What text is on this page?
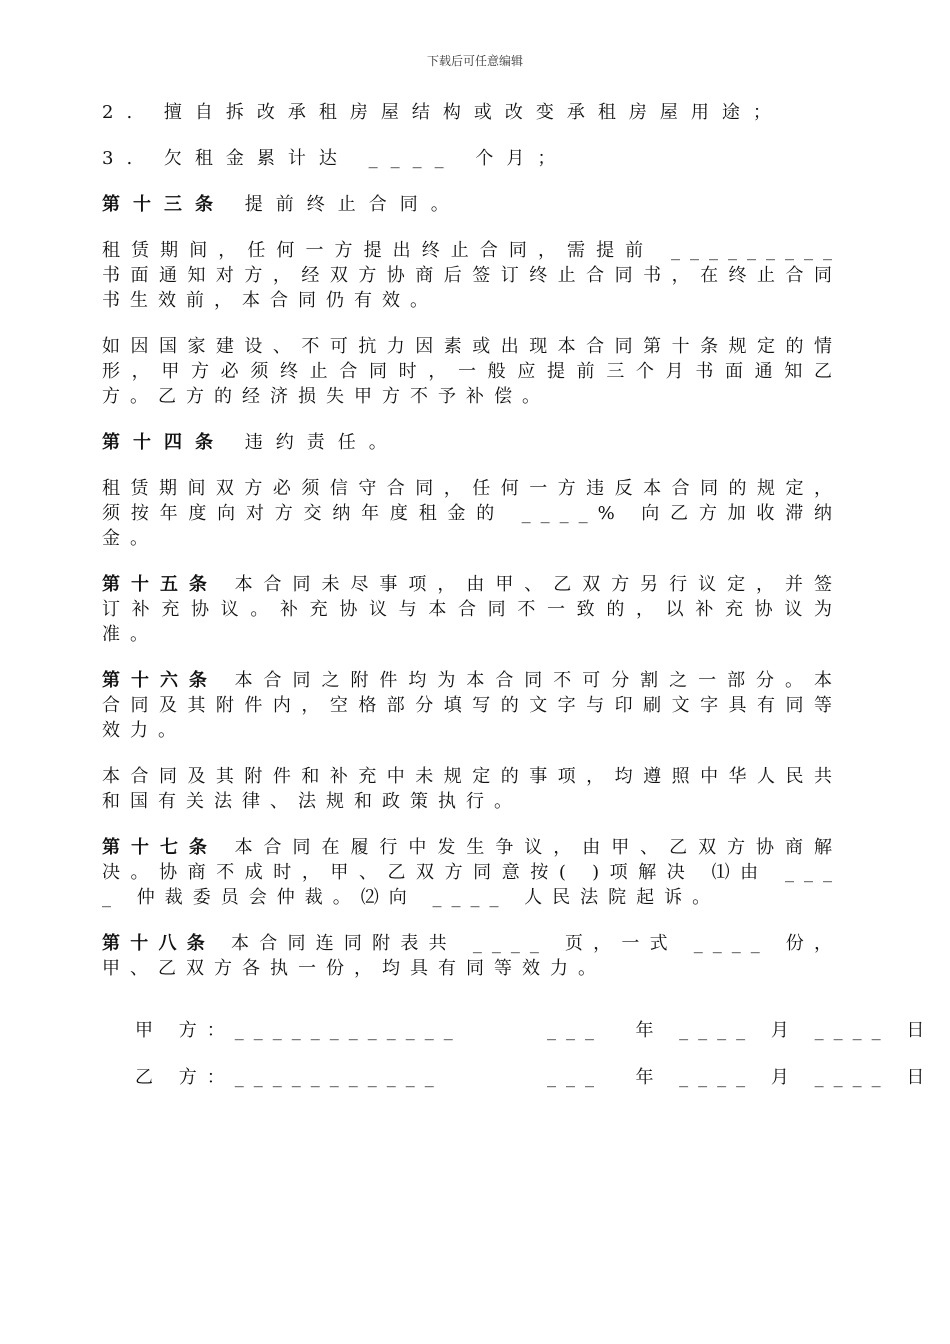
下载后可任意编辑

2. 擅自拆改承租房屋结构或改变承租房屋用途；

3. 欠租金累计达 ____ 个月；

第十三条 提前终止合同。

租赁期间，任何一方提出终止合同，需提前 _________书面通知对方，经双方协商后签订终止合同书，在终止合同书生效前，本合同仍有效。

如因国家建设、不可抗力因素或出现本合同第十条规定的情形，甲方必须终止合同时，一般应提前三个月书面通知乙方。乙方的经济损失甲方不予补偿。

第十四条 违约责任。

租赁期间双方必须信守合同，任何一方违反本合同的规定，须按年度向对方交纳年度租金的 ____% 向乙方加收滞纳金。

第十五条 本合同未尽事项，由甲、乙双方另行议定，并签订补充协议。补充协议与本合同不一致的，以补充协议为准。

第十六条 本合同之附件均为本合同不可分割之一部分。本合同及其附件内，空格部分填写的文字与印刷文字具有同等效力。

本合同及其附件和补充中未规定的事项，均遵照中华人民共和国有关法律、法规和政策执行。

第十七条 本合同在履行中发生争议，由甲、乙双方协商解决。协商不成时，甲、乙双方同意按( )项解决 ⑴由 ____ 仲裁委员会仲裁。⑵向 ____ 人民法院起诉。

第十八条 本合同连同附表共 ____ 页，一式 ____ 份，甲、乙双方各执一份，均具有同等效力。

甲 方：____________	___  年 ____ 月 ____ 日
乙 方：___________	___  年 ____ 月 ____ 日
